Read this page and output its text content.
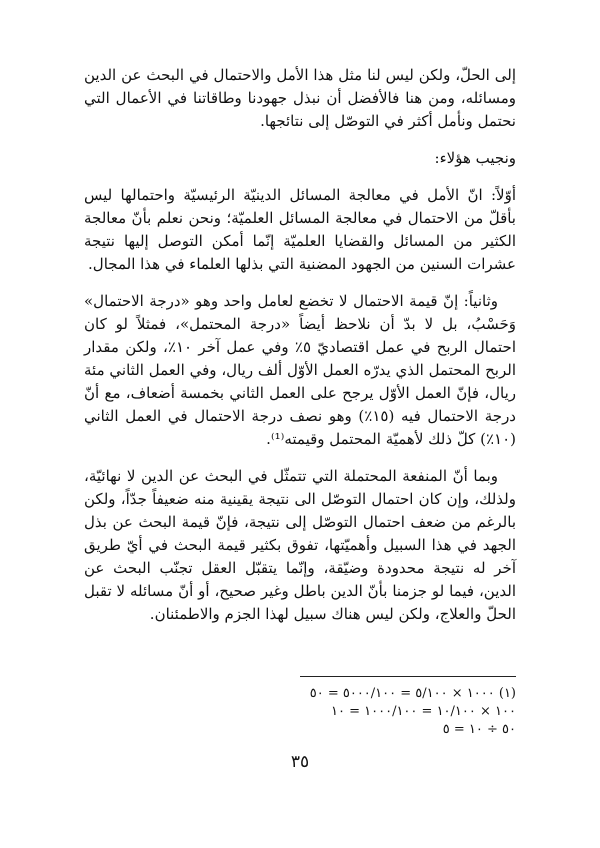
إلى الحلّ، ولكن ليس لنا مثل هذا الأمل والاحتمال في البحث عن الدين ومسائله، ومن هنا فالأفضل أن نبذل جهودنا وطاقاتنا في الأعمال التي نحتمل ونأمل أكثر في التوصّل إلى نتائجها.

ونجيب هؤلاء:

أوّلاً: انّ الأمل في معالجة المسائل الدينيّة الرئيسيّة واحتمالها ليس بأقلّ من الاحتمال في معالجة المسائل العلميّة؛ ونحن نعلم بأنّ معالجة الكثير من المسائل والقضايا العلميّة إنّما أمكن التوصل إليها نتيجة عشرات السنين من الجهود المضنية التي بذلها العلماء في هذا المجال.

وثانياً: إنّ قيمة الاحتمال لا تخضع لعامل واحد وهو «درجة الاحتمال» وَحَسْبُ، بل لا بدّ أن نلاحظ أيضاً «درجة المحتمل»، فمثلاً لو كان احتمال الربح في عمل اقتصاديّ ٥٪ وفي عمل آخر ١٠٪، ولكن مقدار الربح المحتمل الذي يدرّه العمل الأوّل ألف ريال، وفي العمل الثاني مئة ريال، فإنّ العمل الأوّل يرجح على العمل الثاني بخمسة أضعاف، مع أنّ درجة الاحتمال فيه (١٥٪) وهو نصف درجة الاحتمال في العمل الثاني (١٠٪) كلّ ذلك لأهميّة المحتمل وقيمته⁽¹⁾.

وبما أنّ المنفعة المحتملة التي تتمثّل في البحث عن الدين لا نهائيّة، ولذلك، وإن كان احتمال التوصّل الى نتيجة يقينية منه ضعيفاً جدّاً، ولكن بالرغم من ضعف احتمال التوصّل إلى نتيجة، فإنّ قيمة البحث عن بذل الجهد في هذا السبيل وأهميّتها، تفوق بكثير قيمة البحث في أيّ طريق آخر له نتيجة محدودة وضيّقة، وإنّما يتقبّل العقل تجنّب البحث عن الدين، فيما لو جزمنا بأنّ الدين باطل وغير صحيح، أو أنّ مسائله لا تقبل الحلّ والعلاج، ولكن ليس هناك سبيل لهذا الجزم والاطمئنان.

(١) ١٠٠٠ × ٥/١٠٠ = ٥٠٠٠/١٠٠ = ٥٠
١٠٠ × ١٠/١٠٠ = ١٠٠٠/١٠٠ = ١٠
٥٠ ÷ ١٠ = ٥
٣٥
